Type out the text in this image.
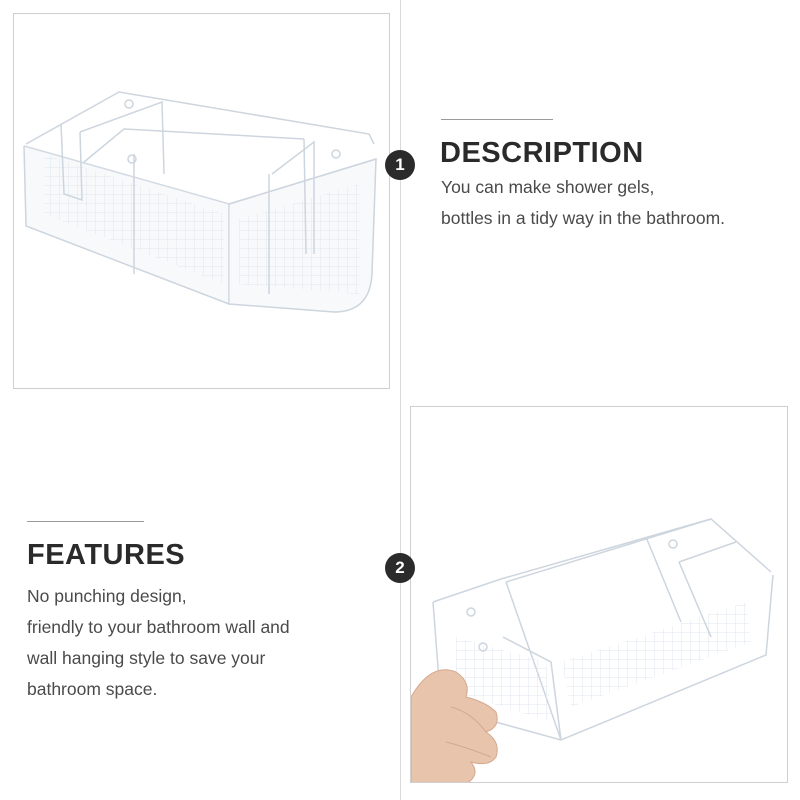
1	DESCRIPTION
You can make shower gels,
bottles in a tidy way in the bathroom.
2
FEATURES
No punching design,
friendly to your bathroom wall and
wall hanging style to save your
bathroom space.
